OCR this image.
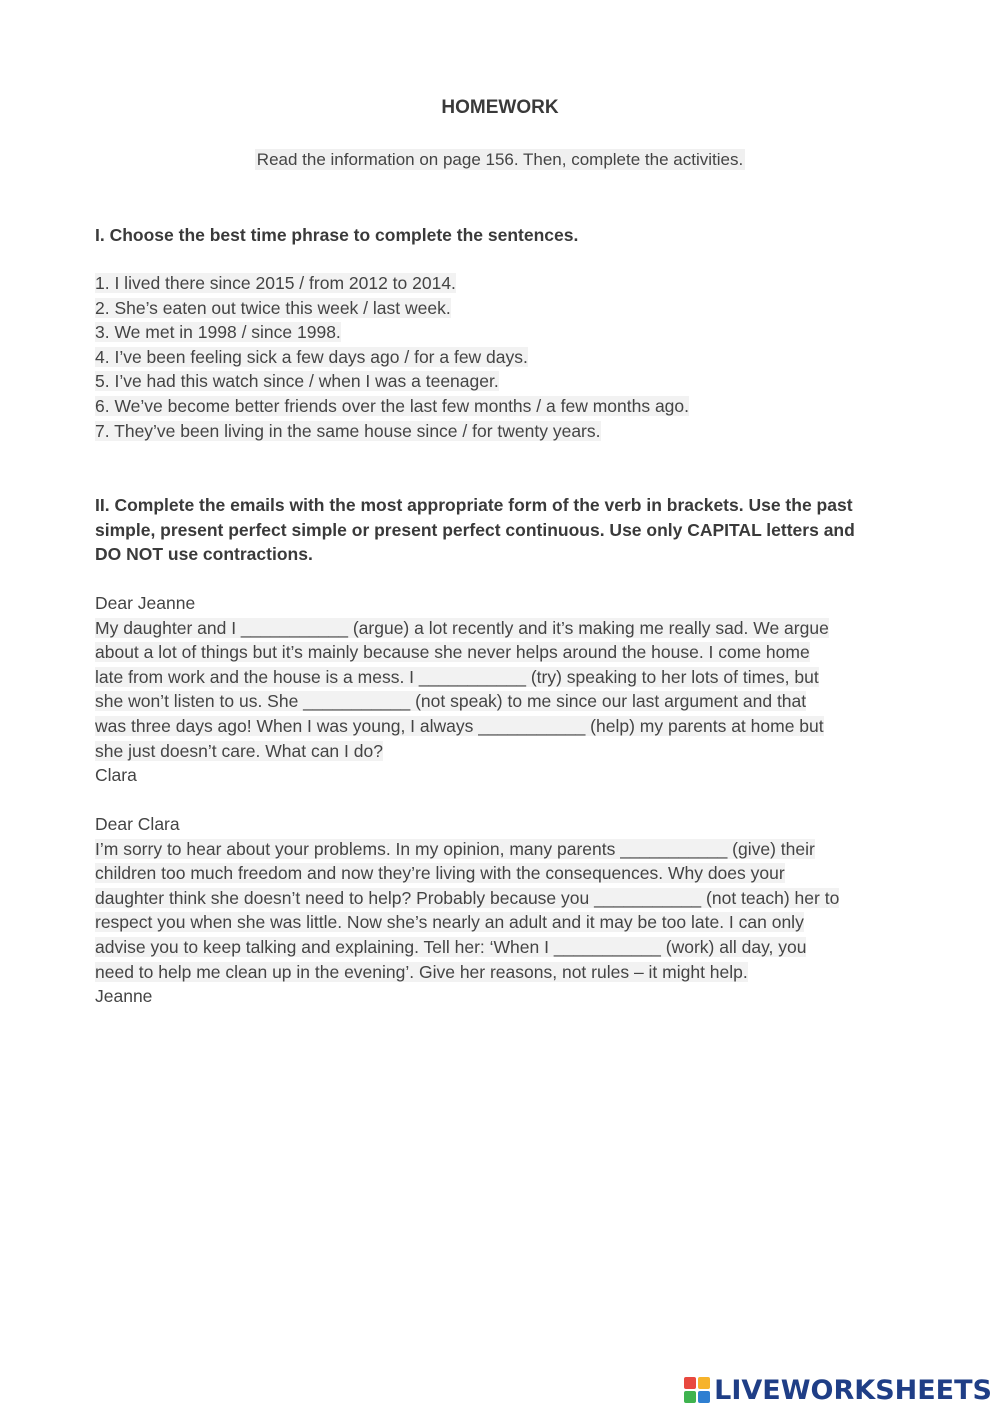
HOMEWORK
Read the information on page 156. Then, complete the activities.
I. Choose the best time phrase to complete the sentences.
1. I lived there since 2015 / from 2012 to 2014.
2. She’s eaten out twice this week / last week.
3. We met in 1998 / since 1998.
4. I’ve been feeling sick a few days ago / for a few days.
5. I’ve had this watch since / when I was a teenager.
6. We’ve become better friends over the last few months / a few months ago.
7. They’ve been living in the same house since / for twenty years.
II. Complete the emails with the most appropriate form of the verb in brackets. Use the past
simple, present perfect simple or present perfect continuous. Use only CAPITAL letters and
DO NOT use contractions.
Dear Jeanne
My daughter and I ___________ (argue) a lot recently and it’s making me really sad. We argue
about a lot of things but it’s mainly because she never helps around the house. I come home
late from work and the house is a mess. I ___________ (try) speaking to her lots of times, but
she won’t listen to us. She ___________ (not speak) to me since our last argument and that
was three days ago! When I was young, I always ___________ (help) my parents at home but
she just doesn’t care. What can I do?
Clara
Dear Clara
I’m sorry to hear about your problems. In my opinion, many parents ___________ (give) their
children too much freedom and now they’re living with the consequences. Why does your
daughter think she doesn’t need to help? Probably because you ___________ (not teach) her to
respect you when she was little. Now she’s nearly an adult and it may be too late. I can only
advise you to keep talking and explaining. Tell her: ‘When I ___________ (work) all day, you
need to help me clean up in the evening’. Give her reasons, not rules – it might help.
Jeanne
LIVEWORKSHEETS
